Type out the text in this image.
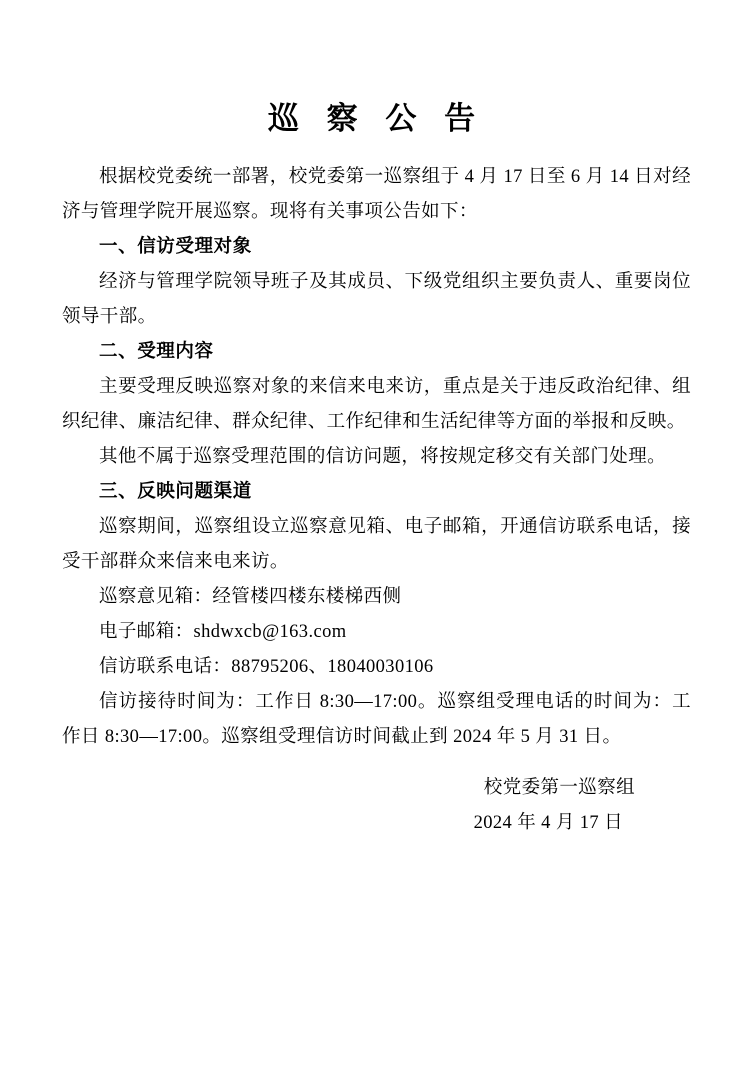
巡 察 公 告

根据校党委统一部署，校党委第一巡察组于 4 月 17 日至 6 月 14 日对经济与管理学院开展巡察。现将有关事项公告如下：

一、信访受理对象

经济与管理学院领导班子及其成员、下级党组织主要负责人、重要岗位领导干部。

二、受理内容

主要受理反映巡察对象的来信来电来访，重点是关于违反政治纪律、组织纪律、廉洁纪律、群众纪律、工作纪律和生活纪律等方面的举报和反映。

其他不属于巡察受理范围的信访问题，将按规定移交有关部门处理。

三、反映问题渠道

巡察期间，巡察组设立巡察意见箱、电子邮箱，开通信访联系电话，接受干部群众来信来电来访。

巡察意见箱：经管楼四楼东楼梯西侧

电子邮箱：shdwxcb@163.com

信访联系电话：88795206、18040030106

信访接待时间为：工作日 8:30—17:00。巡察组受理电话的时间为：工作日 8:30—17:00。巡察组受理信访时间截止到 2024 年 5 月 31 日。

校党委第一巡察组
2024 年 4 月 17 日
